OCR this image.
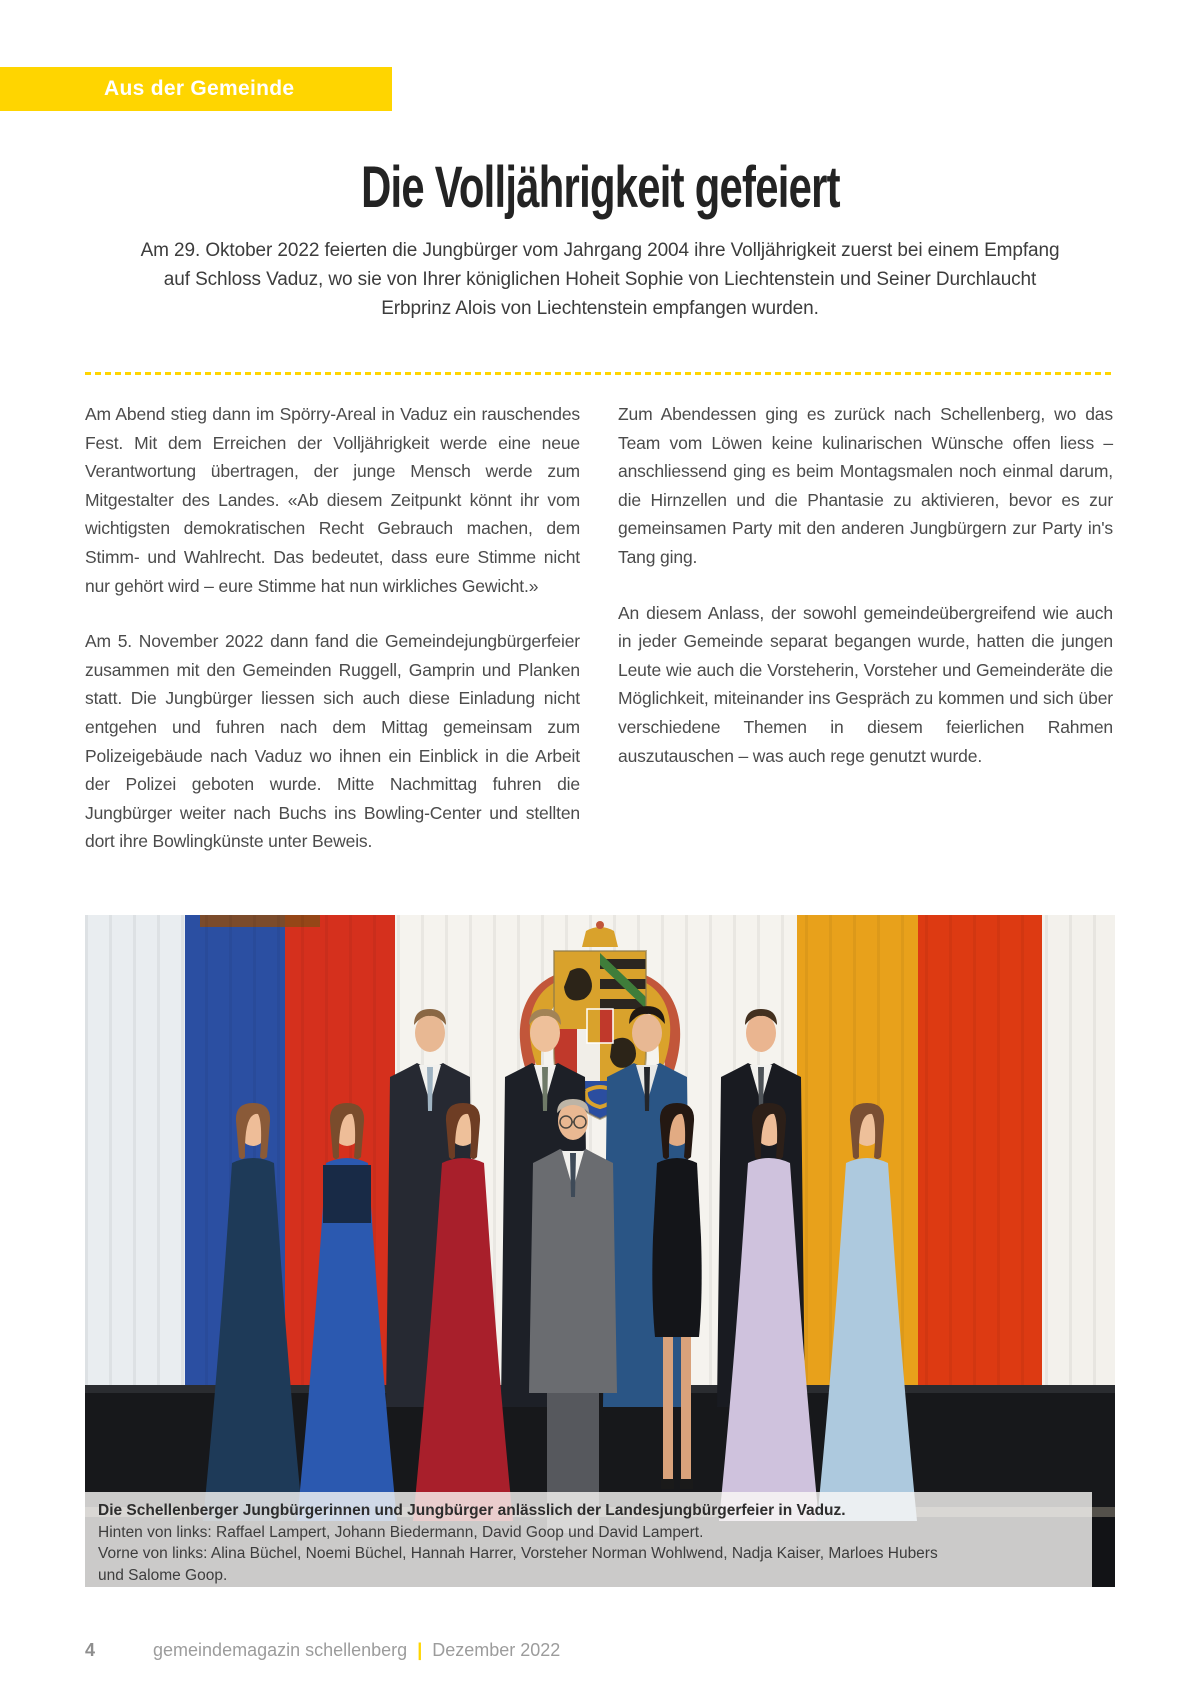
Aus der Gemeinde
Die Volljährigkeit gefeiert

Am 29. Oktober 2022 feierten die Jungbürger vom Jahrgang 2004 ihre Volljährigkeit zuerst bei einem Empfang auf Schloss Vaduz, wo sie von Ihrer königlichen Hoheit Sophie von Liechtenstein und Seiner Durchlaucht Erbprinz Alois von Liechtenstein empfangen wurden.

Am Abend stieg dann im Spörry-Areal in Vaduz ein rauschendes Fest. Mit dem Erreichen der Volljährigkeit werde eine neue Verantwortung übertragen, der junge Mensch werde zum Mitgestalter des Landes. «Ab diesem Zeitpunkt könnt ihr vom wichtigsten demokratischen Recht Gebrauch machen, dem Stimm- und Wahlrecht. Das bedeutet, dass eure Stimme nicht nur gehört wird – eure Stimme hat nun wirkliches Gewicht.»

Am 5. November 2022 dann fand die Gemeindejungbürgerfeier zusammen mit den Gemeinden Ruggell, Gamprin und Planken statt. Die Jungbürger liessen sich auch diese Einladung nicht entgehen und fuhren nach dem Mittag gemeinsam zum Polizeigebäude nach Vaduz wo ihnen ein Einblick in die Arbeit der Polizei geboten wurde. Mitte Nachmittag fuhren die Jungbürger weiter nach Buchs ins Bowling-Center und stellten dort ihre Bowlingkünste unter Beweis.

Zum Abendessen ging es zurück nach Schellenberg, wo das Team vom Löwen keine kulinarischen Wünsche offen liess – anschliessend ging es beim Montagsmalen noch einmal darum, die Hirnzellen und die Phantasie zu aktivieren, bevor es zur gemeinsamen Party mit den anderen Jungbürgern zur Party in's Tang ging.

An diesem Anlass, der sowohl gemeindeübergreifend wie auch in jeder Gemeinde separat begangen wurde, hatten die jungen Leute wie auch die Vorsteherin, Vorsteher und Gemeinderäte die Möglichkeit, miteinander ins Gespräch zu kommen und sich über verschiedene Themen in diesem feierlichen Rahmen auszutauschen – was auch rege genutzt wurde.

Die Schellenberger Jungbürgerinnen und Jungbürger anlässlich der Landesjungbürgerfeier in Vaduz.
Hinten von links: Raffael Lampert, Johann Biedermann, David Goop und David Lampert.
Vorne von links: Alina Büchel, Noemi Büchel, Hannah Harrer, Vorsteher Norman Wohlwend, Nadja Kaiser, Marloes Hubers
und Salome Goop.
4	gemeindemagazin schellenberg | Dezember 2022
